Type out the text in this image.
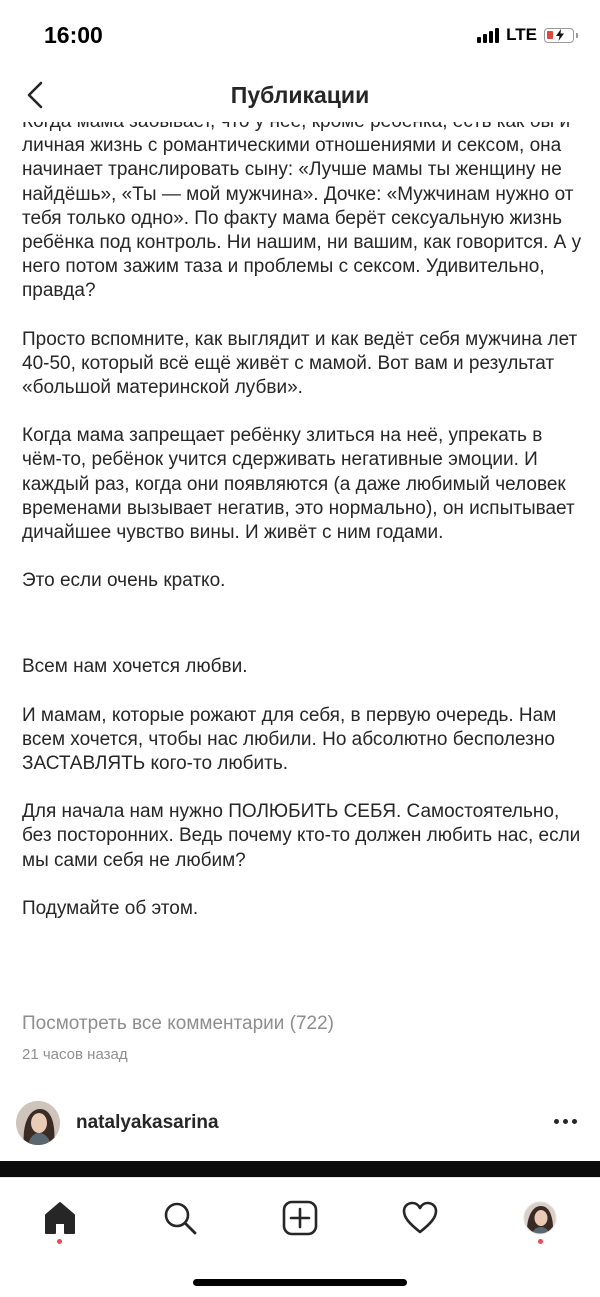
личная жизнь с романтическими отношениями и сексом, она начинает транслировать сыну: «Лучше мамы ты женщину не найдёшь», «Ты — мой мужчина». Дочке: «Мужчинам нужно от тебя только одно». По факту мама берёт сексуальную жизнь ребёнка под контроль. Ни нашим, ни вашим, как говорится. А у него потом зажим таза и проблемы с сексом. Удивительно, правда?

Просто вспомните, как выглядит и как ведёт себя мужчина лет 40-50, который всё ещё живёт с мамой. Вот вам и результат «большой материнской лубви».

Когда мама запрещает ребёнку злиться на неё, упрекать в чём-то, ребёнок учится сдерживать негативные эмоции. И каждый раз, когда они появляются (а даже любимый человек временами вызывает негатив, это нормально), он испытывает дичайшее чувство вины. И живёт с ним годами.

Это если очень кратко.

Всем нам хочется любви.

И мамам, которые рожают для себя, в первую очередь. Нам всем хочется, чтобы нас любили. Но абсолютно бесполезно ЗАСТАВЛЯТЬ кого-то любить.

Для начала нам нужно ПОЛЮБИТЬ СЕБЯ. Самостоятельно, без посторонних. Ведь почему кто-то должен любить нас, если мы сами себя не любим?

Подумайте об этом.

Посмотреть все комментарии (722)
21 часов назад
16:00	LTE
Публикации
natalyakasarina
